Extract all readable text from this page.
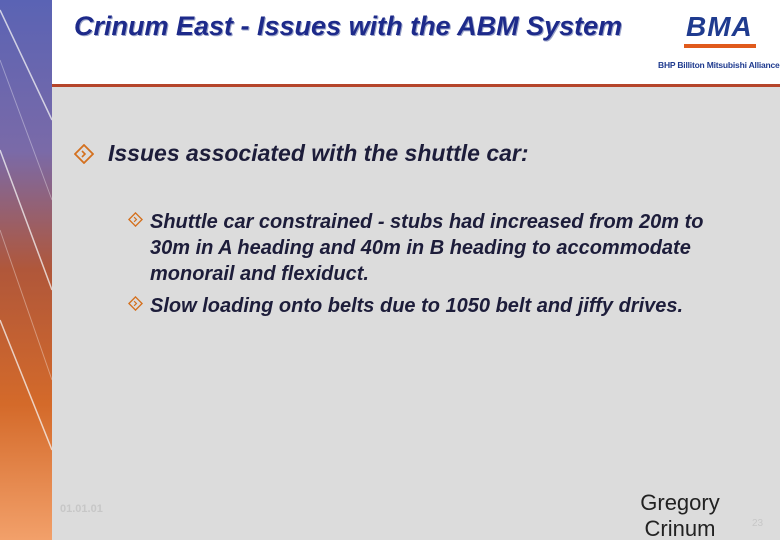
Crinum East - Issues with the ABM System	BMA
BHP Billiton Mitsubishi Alliance
Issues associated with the shuttle car:
Shuttle car constrained - stubs had increased from 20m to 30m in A heading and 40m in B heading to accommodate monorail and flexiduct.
Slow loading onto belts due to 1050 belt and jiffy drives.
01.01.01	Gregory Crinum	23
